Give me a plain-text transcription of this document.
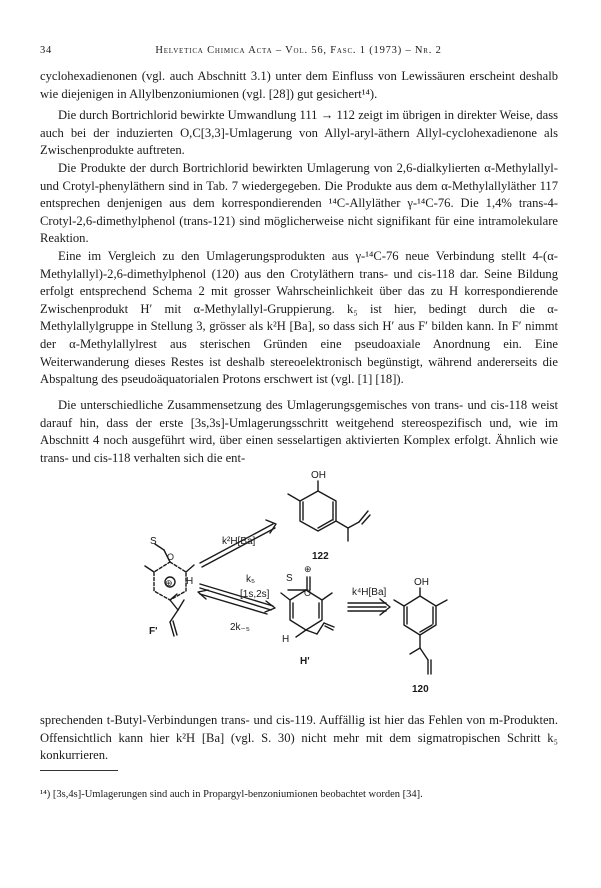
34	Helvetica Chimica Acta – Vol. 56, Fasc. 1 (1973) – Nr. 2

cyclohexadienonen (vgl. auch Abschnitt 3.1) unter dem Einfluss von Lewissäuren erscheint deshalb wie diejenigen in Allylbenzoniumionen (vgl. [28]) gut gesichert¹⁴).

Die durch Bortrichlorid bewirkte Umwandlung 111 → 112 zeigt im übrigen in direkter Weise, dass auch bei der induzierten O,C[3,3]-Umlagerung von Allyl-aryl-äthern Allyl-cyclohexadienone als Zwischenprodukte auftreten.

Die Produkte der durch Bortrichlorid bewirkten Umlagerung von 2,6-dialkylierten α-Methylallyl- und Crotyl-phenyläthern sind in Tab. 7 wiedergegeben. Die Produkte aus dem α-Methylallyläther 117 entsprechen denjenigen aus dem korrespondierenden ¹⁴C-Allyläther γ-¹⁴C-76. Die 1,4% trans-4-Crotyl-2,6-dimethylphenol (trans-121) sind möglicherweise nicht signifikant für eine intramolekulare Reaktion.

Eine im Vergleich zu den Umlagerungsprodukten aus γ-¹⁴C-76 neue Verbindung stellt 4-(α-Methylallyl)-2,6-dimethylphenol (120) aus den Crotyläthern trans- und cis-118 dar. Seine Bildung erfolgt entsprechend Schema 2 mit grosser Wahrscheinlichkeit über das zu H korrespondierende Zwischenprodukt H′ mit α-Methylallyl-Gruppierung. k₅ ist hier, bedingt durch die α-Methylallylgruppe in Stellung 3, grösser als k²H [Ba], so dass sich H′ aus F′ bilden kann. In F′ nimmt der α-Methylallylrest aus sterischen Gründen eine pseudoaxiale Anordnung ein. Eine Weiterwanderung dieses Restes ist deshalb stereoelektronisch begünstigt, während andererseits die Abspaltung des pseudoäquatorialen Protons erschwert ist (vgl. [1] [18]).

Die unterschiedliche Zusammensetzung des Umlagerungsgemisches von trans- und cis-118 weist darauf hin, dass der erste [3s,3s]-Umlagerungsschritt weitgehend stereospezifisch und, wie im Abschnitt 4 noch ausgeführt wird, über einen sesselartigen aktivierten Komplex erfolgt. Ähnlich wie trans- und cis-118 verhalten sich die ent-

OH
122
k²H[Ba]
S
O
⊕ H
F'
k₅
[1s,2s]
2k₋₅
S
⊕
O
H
H'
k⁴H[Ba]
OH
120

sprechenden t-Butyl-Verbindungen trans- und cis-119. Auffällig ist hier das Fehlen von m-Produkten. Offensichtlich kann hier k²H [Ba] (vgl. S. 30) nicht mehr mit dem sigmatropischen Schritt k₅ konkurrieren.

¹⁴) [3s,4s]-Umlagerungen sind auch in Propargyl-benzoniumionen beobachtet worden [34].
